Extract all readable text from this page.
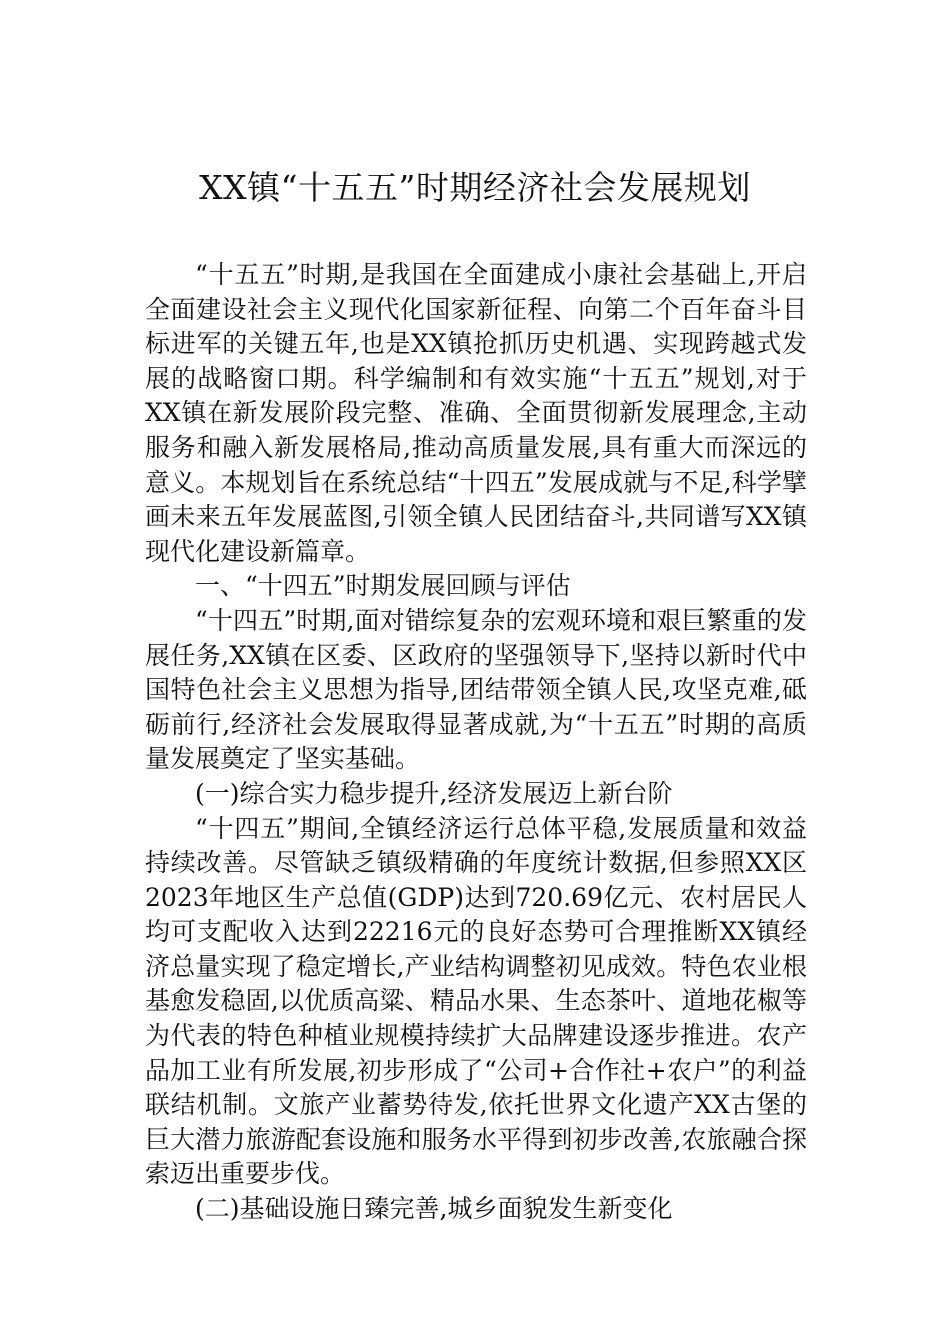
XX镇“十五五”时期经济社会发展规划

“十五五”时期,是我国在全面建成小康社会基础上,开启全面建设社会主义现代化国家新征程、向第二个百年奋斗目标进军的关键五年,也是XX镇抢抓历史机遇、实现跨越式发展的战略窗口期。科学编制和有效实施“十五五”规划,对于XX镇在新发展阶段完整、准确、全面贯彻新发展理念,主动服务和融入新发展格局,推动高质量发展,具有重大而深远的意义。本规划旨在系统总结“十四五”发展成就与不足,科学擘画未来五年发展蓝图,引领全镇人民团结奋斗,共同谱写XX镇现代化建设新篇章。

一、“十四五”时期发展回顾与评估

“十四五”时期,面对错综复杂的宏观环境和艰巨繁重的发展任务,XX镇在区委、区政府的坚强领导下,坚持以新时代中国特色社会主义思想为指导,团结带领全镇人民,攻坚克难,砥砺前行,经济社会发展取得显著成就,为“十五五”时期的高质量发展奠定了坚实基础。

(一)综合实力稳步提升,经济发展迈上新台阶

“十四五”期间,全镇经济运行总体平稳,发展质量和效益持续改善。尽管缺乏镇级精确的年度统计数据,但参照XX区2023年地区生产总值(GDP)达到720.69亿元、农村居民人均可支配收入达到22216元的良好态势可合理推断XX镇经济总量实现了稳定增长,产业结构调整初见成效。特色农业根基愈发稳固,以优质高粱、精品水果、生态茶叶、道地花椒等为代表的特色种植业规模持续扩大品牌建设逐步推进。农产品加工业有所发展,初步形成了“公司+合作社+农户”的利益联结机制。文旅产业蓄势待发,依托世界文化遗产XX古堡的巨大潜力旅游配套设施和服务水平得到初步改善,农旅融合探索迈出重要步伐。

(二)基础设施日臻完善,城乡面貌发生新变化
